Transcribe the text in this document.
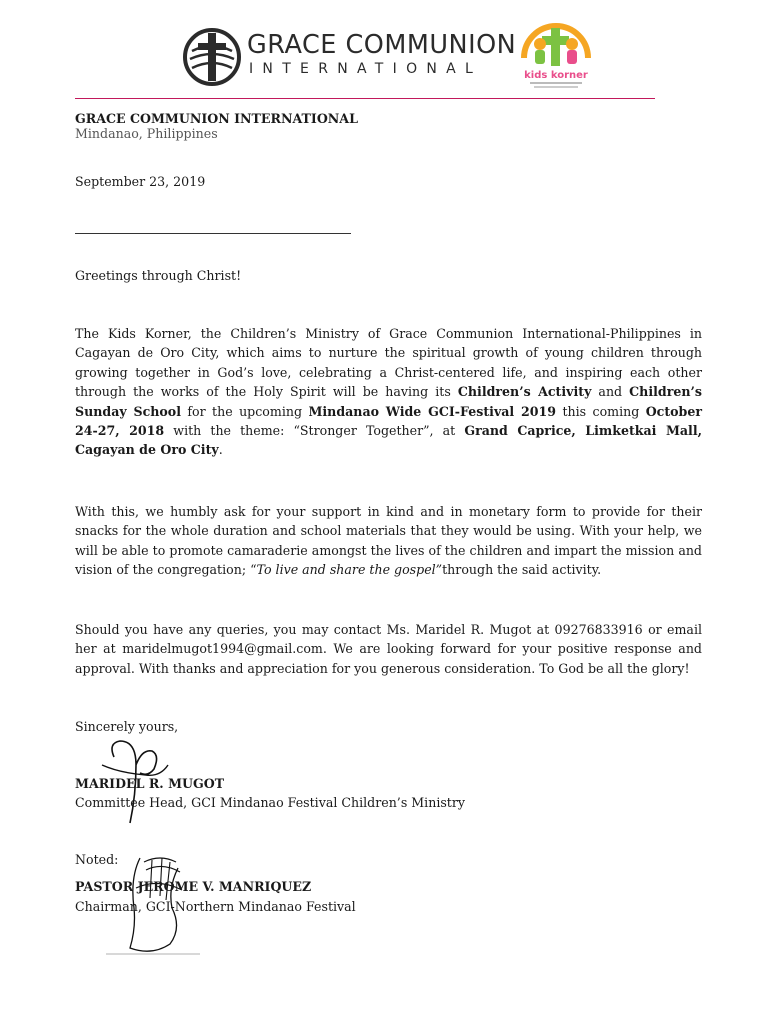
GRACE COMMUNION
INTERNATIONAL	kids korner
GRACE COMMUNION INTERNATIONAL
Mindanao, Philippines
September 23, 2019
Greetings through Christ!
The Kids Korner, the Children’s Ministry of Grace Communion International-Philippines in Cagayan de Oro City, which aims to nurture the spiritual growth of young children through growing together in God’s love, celebrating a Christ-centered life, and inspiring each other through the works of the Holy Spirit will be having its Children’s Activity and Children’s Sunday School for the upcoming Mindanao Wide GCI-Festival 2019 this coming October 24-27, 2018 with the theme: “Stronger Together”, at Grand Caprice, Limketkai Mall, Cagayan de Oro City.
With this, we humbly ask for your support in kind and in monetary form to provide for their snacks for the whole duration and school materials that they would be using. With your help, we will be able to promote camaraderie amongst the lives of the children and impart the mission and vision of the congregation; “To live and share the gospel”through the said activity.
Should you have any queries, you may contact Ms. Maridel R. Mugot at 09276833916 or email her at maridelmugot1994@gmail.com. We are looking forward for your positive response and approval. With thanks and appreciation for you generous consideration. To God be all the glory!
Sincerely yours,
MARIDEL R. MUGOT
Committee Head, GCI Mindanao Festival Children’s Ministry
Noted:
PASTOR JEROME V. MANRIQUEZ
Chairman, GCI-Northern Mindanao Festival
